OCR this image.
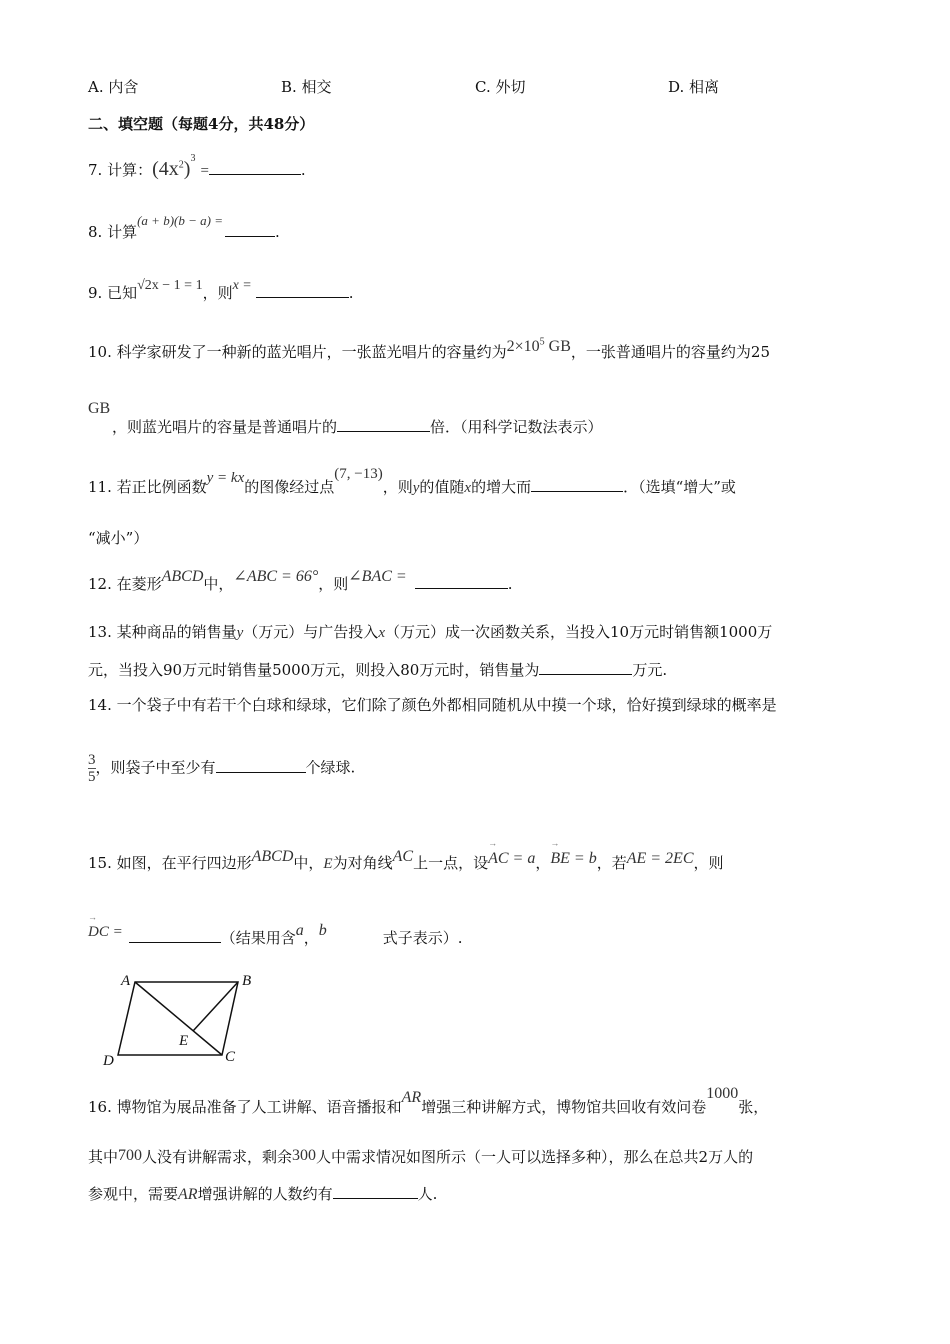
A. 内含	B. 相交	C. 外切	D. 相离
二、填空题（每题4分，共48分）
7. 计算：$(4x^2)^3$ =	.
8. 计算(a + b)(b − a) =.
9. 已知√2x − 1 = 1，则x =	.
10. 科学家研发了一种新的蓝光唱片，一张蓝光唱片的容量约为$2\times 10^5$ GB，一张普通唱片的容量约为25
GB
，则蓝光唱片的容量是普通唱片的	倍．（用科学记数法表示）
11. 若正比例函数y = kx的图像经过点(7, −13)，则y的值随x的增大而	．（选填“增大”或
“减小”）
12. 在菱形ABCD中，∠ABC = 66°，则∠BAC =	.
13. 某种商品的销售量y（万元）与广告投入x（万元）成一次函数关系，当投入10万元时销售额1000万
元，当投入90万元时销售量5000万元，则投入80万元时，销售量为	万元.
14. 一个袋子中有若干个白球和绿球，它们除了颜色外都相同随机从中摸一个球，恰好摸到绿球的概率是
$\frac{3}{5}$ ，则袋子中至少有	个绿球.
15. 如图，在平行四边形ABCD中，E为对角线AC上一点，设→ AC = a，→ BE = b，若AE = 2EC，则
→ DC =	（结果用含a，b	式子表示）.
A	B
C
D
E
16. 博物馆为展品准备了人工讲解、语音播报和AR增强三种讲解方式，博物馆共回收有效问卷1000张，
其中700人没有讲解需求，剩余300人中需求情况如图所示（一人可以选择多种），那么在总共2万人的
参观中，需要AR增强讲解的人数约有	人.
